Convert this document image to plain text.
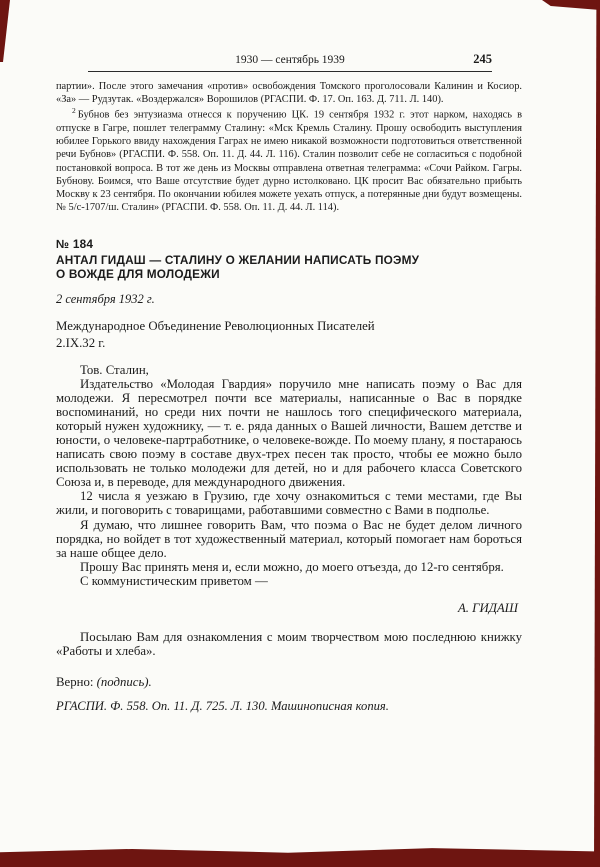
1930 — сентябрь 1939	245

партии». После этого замечания «против» освобождения Томского проголосовали Калинин и Косиор. «За» — Рудзутак. «Воздержался» Ворошилов (РГАСПИ. Ф. 17. Оп. 163. Д. 711. Л. 140).

$^2$ Бубнов без энтузиазма отнесся к поручению ЦК. 19 сентября 1932 г. этот нарком, находясь в отпуске в Гагре, пошлет телеграмму Сталину: «Мск Кремль Сталину. Прошу освободить выступления юбилее Горького ввиду нахождения Гаграх не имею никакой возможности подготовиться ответственной речи Бубнов» (РГАСПИ. Ф. 558. Оп. 11. Д. 44. Л. 116). Сталин позволит себе не согласиться с подобной постановкой вопроса. В тот же день из Москвы отправлена ответная телеграмма: «Сочи Райком. Гагры. Бубнову. Боимся, что Ваше отсутствие будет дурно истолковано. ЦК просит Вас обязательно прибыть Москву к 23 сентября. По окончании юбилея можете уехать отпуск, а потерянные дни будут возмещены. № 5/с-1707/ш. Сталин» (РГАСПИ. Ф. 558. Оп. 11. Д. 44. Л. 114).

№ 184
АНТАЛ ГИДАШ — СТАЛИНУ О ЖЕЛАНИИ НАПИСАТЬ ПОЭМУ
О ВОЖДЕ ДЛЯ МОЛОДЕЖИ

2 сентября 1932 г.

Международное Объединение Революционных Писателей

2.IX.32 г.

Тов. Сталин,

Издательство «Молодая Гвардия» поручило мне написать поэму о Вас для молодежи. Я пересмотрел почти все материалы, написанные о Вас в порядке воспоминаний, но среди них почти не нашлось того специфического материала, который нужен художнику, — т. е. ряда данных о Вашей личности, Вашем детстве и юности, о человеке-партработнике, о человеке-вожде. По моему плану, я постараюсь написать свою поэму в составе двух-трех песен так просто, чтобы ее можно было использовать не только молодежи для детей, но и для рабочего класса Советского Союза и, в переводе, для международного движения.

12 числа я уезжаю в Грузию, где хочу ознакомиться с теми местами, где Вы жили, и поговорить с товарищами, работавшими совместно с Вами в подполье.

Я думаю, что лишнее говорить Вам, что поэма о Вас не будет делом личного порядка, но войдет в тот художественный материал, который помогает нам бороться за наше общее дело.

Прошу Вас принять меня и, если можно, до моего отъезда, до 12-го сентября.

С коммунистическим приветом —

А. ГИДАШ

Посылаю Вам для ознакомления с моим творчеством мою последнюю книжку «Работы и хлеба».

Верно: (подпись).

РГАСПИ. Ф. 558. Оп. 11. Д. 725. Л. 130. Машинописная копия.
